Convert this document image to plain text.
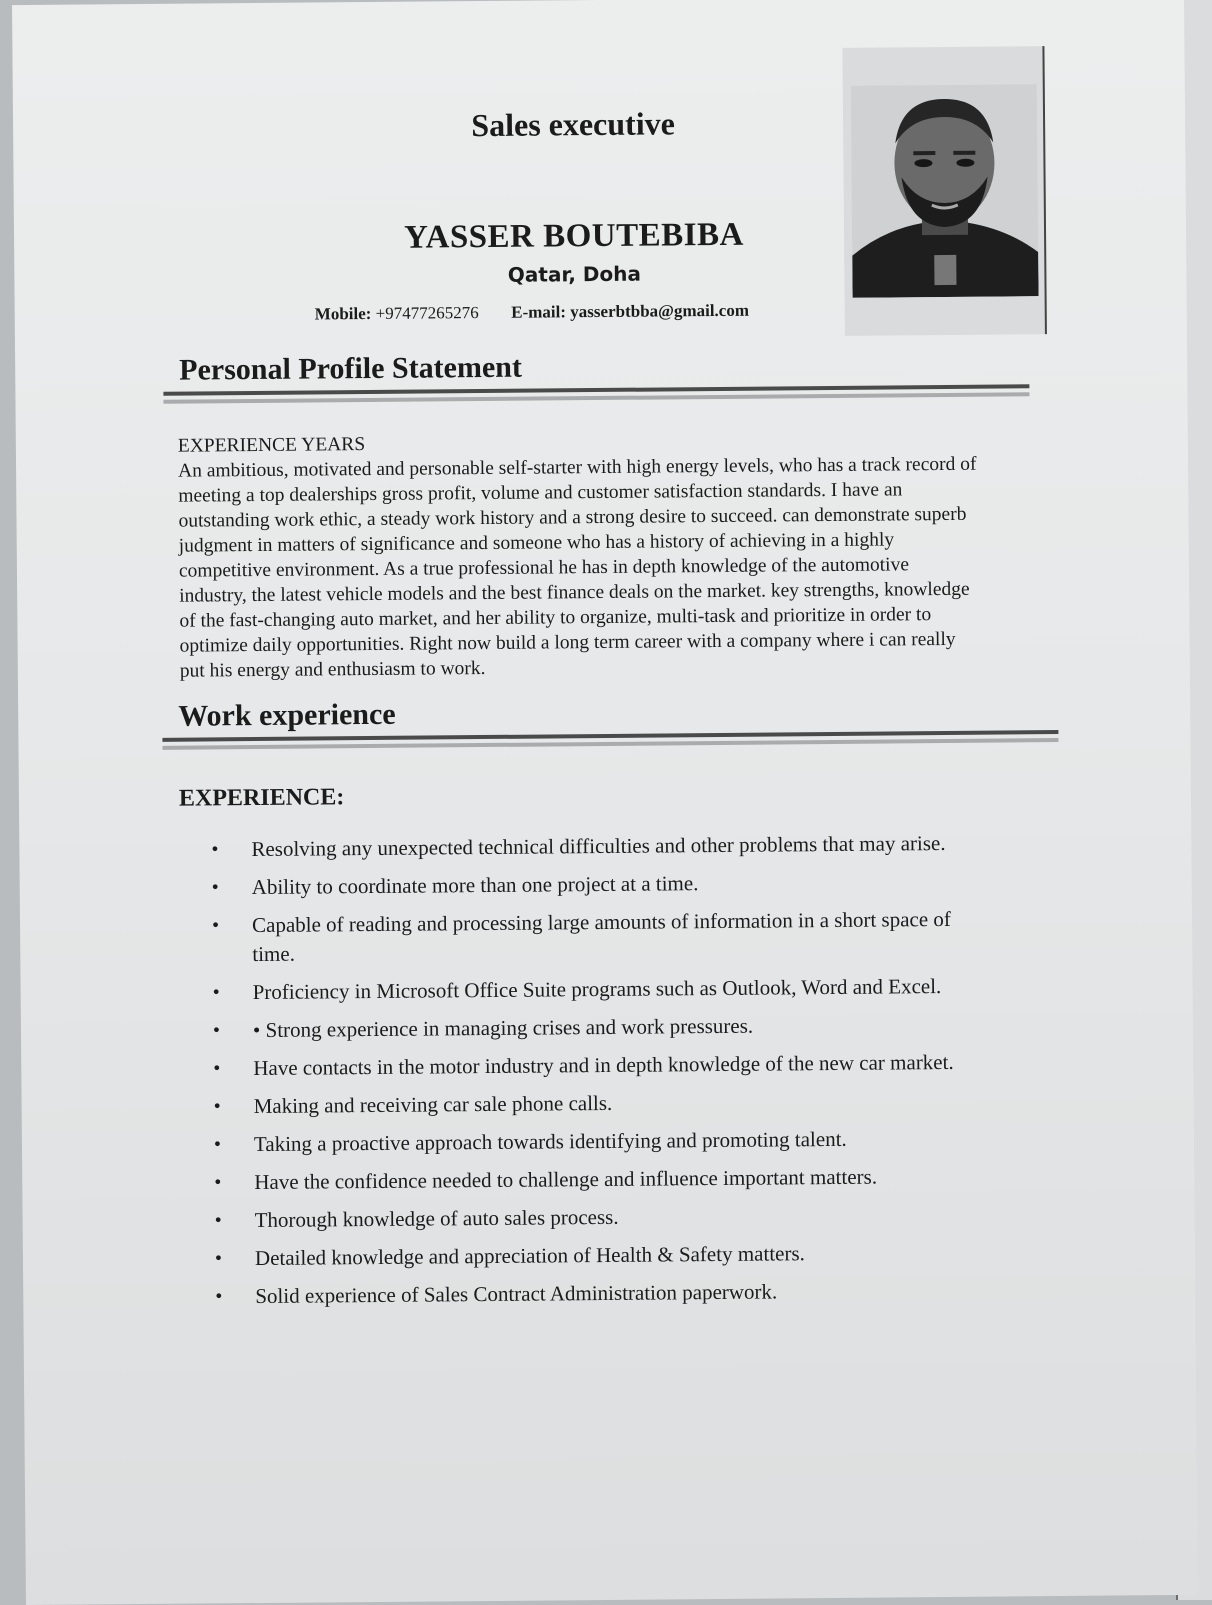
Sales executive
YASSER BOUTEBIBA
Qatar, Doha
Mobile: +97477265276 E-mail: yasserbtbba@gmail.com
Personal Profile Statement
EXPERIENCE YEARS
An ambitious, motivated and personable self-starter with high energy levels, who has a track record of meeting a top dealerships gross profit, volume and customer satisfaction standards. I have an outstanding work ethic, a steady work history and a strong desire to succeed. can demonstrate superb judgment in matters of significance and someone who has a history of achieving in a highly competitive environment. As a true professional he has in depth knowledge of the automotive industry, the latest vehicle models and the best finance deals on the market. key strengths, knowledge of the fast-changing auto market, and her ability to organize, multi-task and prioritize in order to optimize daily opportunities. Right now build a long term career with a company where i can really put his energy and enthusiasm to work.
Work experience
EXPERIENCE:
• Resolving any unexpected technical difficulties and other problems that may arise.
• Ability to coordinate more than one project at a time.
• Capable of reading and processing large amounts of information in a short space of time.
• Proficiency in Microsoft Office Suite programs such as Outlook, Word and Excel.
• • Strong experience in managing crises and work pressures.
• Have contacts in the motor industry and in depth knowledge of the new car market.
• Making and receiving car sale phone calls.
• Taking a proactive approach towards identifying and promoting talent.
• Have the confidence needed to challenge and influence important matters.
• Thorough knowledge of auto sales process.
• Detailed knowledge and appreciation of Health & Safety matters.
• Solid experience of Sales Contract Administration paperwork.
